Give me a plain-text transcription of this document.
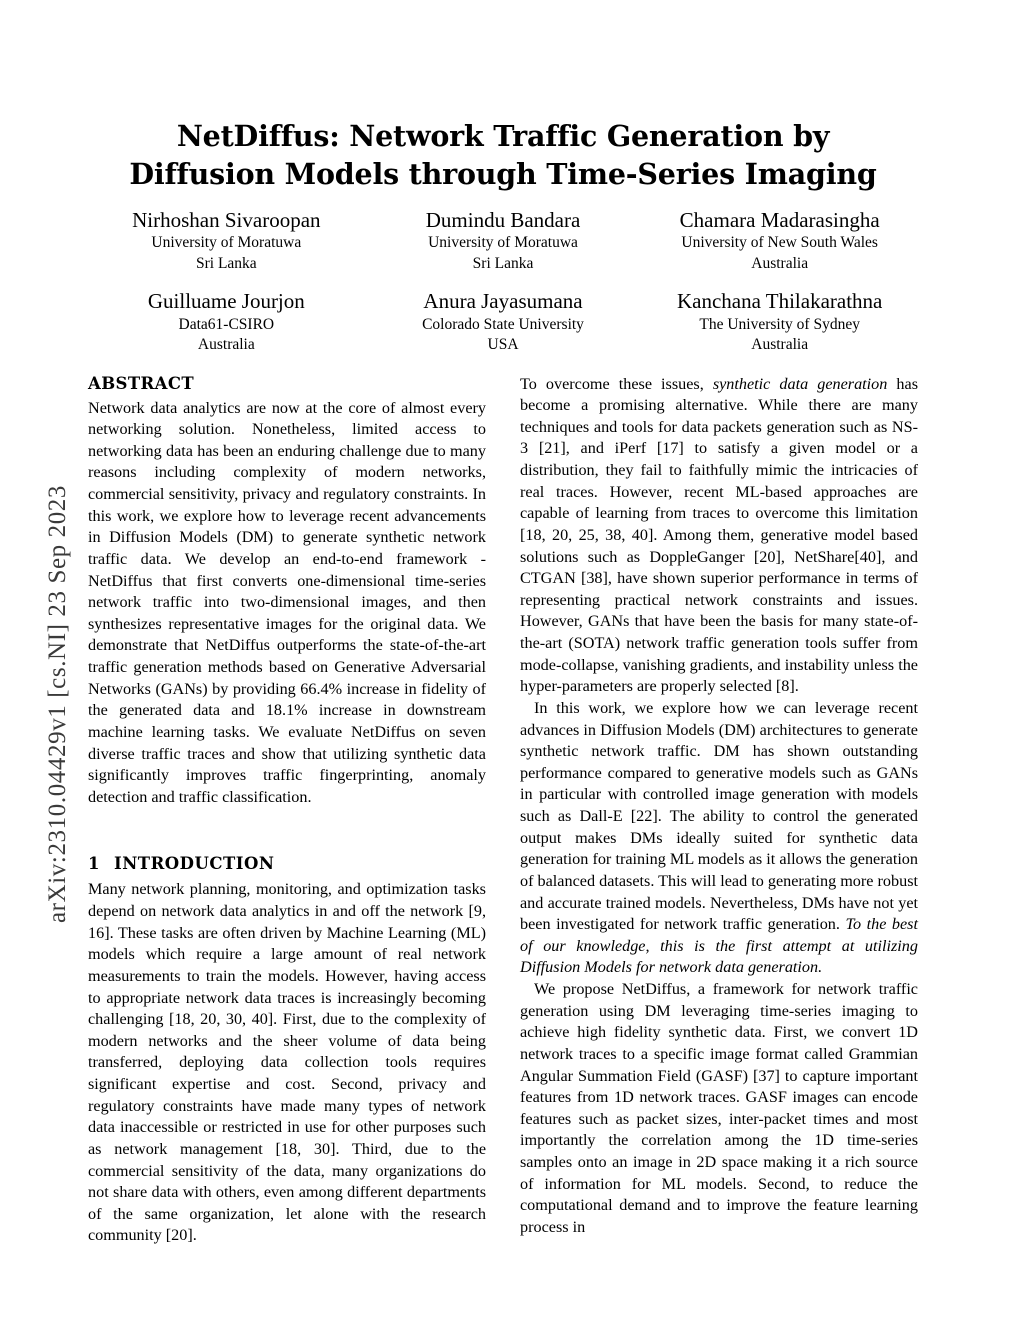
arXiv:2310.04429v1 [cs.NI] 23 Sep 2023
NetDiffus: Network Traffic Generation by Diffusion Models through Time-Series Imaging
Nirhoshan Sivaroopan
University of Moratuwa
Sri Lanka
Dumindu Bandara
University of Moratuwa
Sri Lanka
Chamara Madarasingha
University of New South Wales
Australia
Guilluame Jourjon
Data61-CSIRO
Australia
Anura Jayasumana
Colorado State University
USA
Kanchana Thilakarathna
The University of Sydney
Australia
ABSTRACT

Network data analytics are now at the core of almost every networking solution. Nonetheless, limited access to networking data has been an enduring challenge due to many reasons including complexity of modern networks, commercial sensitivity, privacy and regulatory constraints. In this work, we explore how to leverage recent advancements in Diffusion Models (DM) to generate synthetic network traffic data. We develop an end-to-end framework - NetDiffus that first converts one-dimensional time-series network traffic into two-dimensional images, and then synthesizes representative images for the original data. We demonstrate that NetDiffus outperforms the state-of-the-art traffic generation methods based on Generative Adversarial Networks (GANs) by providing 66.4% increase in fidelity of the generated data and 18.1% increase in downstream machine learning tasks. We evaluate NetDiffus on seven diverse traffic traces and show that utilizing synthetic data significantly improves traffic fingerprinting, anomaly detection and traffic classification.

1 INTRODUCTION

Many network planning, monitoring, and optimization tasks depend on network data analytics in and off the network [9, 16]. These tasks are often driven by Machine Learning (ML) models which require a large amount of real network measurements to train the models. However, having access to appropriate network data traces is increasingly becoming challenging [18, 20, 30, 40]. First, due to the complexity of modern networks and the sheer volume of data being transferred, deploying data collection tools requires significant expertise and cost. Second, privacy and regulatory constraints have made many types of network data inaccessible or restricted in use for other purposes such as network management [18, 30]. Third, due to the commercial sensitivity of the data, many organizations do not share data with others, even among different departments of the same organization, let alone with the research community [20].

To overcome these issues, synthetic data generation has become a promising alternative. While there are many techniques and tools for data packets generation such as NS-3 [21], and iPerf [17] to satisfy a given model or a distribution, they fail to faithfully mimic the intricacies of real traces. However, recent ML-based approaches are capable of learning from traces to overcome this limitation [18, 20, 25, 38, 40]. Among them, generative model based solutions such as DoppleGanger [20], NetShare[40], and CTGAN [38], have shown superior performance in terms of representing practical network constraints and issues. However, GANs that have been the basis for many state-of-the-art (SOTA) network traffic generation tools suffer from mode-collapse, vanishing gradients, and instability unless the hyper-parameters are properly selected [8].

In this work, we explore how we can leverage recent advances in Diffusion Models (DM) architectures to generate synthetic network traffic. DM has shown outstanding performance compared to generative models such as GANs in particular with controlled image generation with models such as Dall-E [22]. The ability to control the generated output makes DMs ideally suited for synthetic data generation for training ML models as it allows the generation of balanced datasets. This will lead to generating more robust and accurate trained models. Nevertheless, DMs have not yet been investigated for network traffic generation. To the best of our knowledge, this is the first attempt at utilizing Diffusion Models for network data generation.

We propose NetDiffus, a framework for network traffic generation using DM leveraging time-series imaging to achieve high fidelity synthetic data. First, we convert 1D network traces to a specific image format called Grammian Angular Summation Field (GASF) [37] to capture important features from 1D network traces. GASF images can encode features such as packet sizes, inter-packet times and most importantly the correlation among the 1D time-series samples onto an image in 2D space making it a rich source of information for ML models. Second, to reduce the computational demand and to improve the feature learning process in
